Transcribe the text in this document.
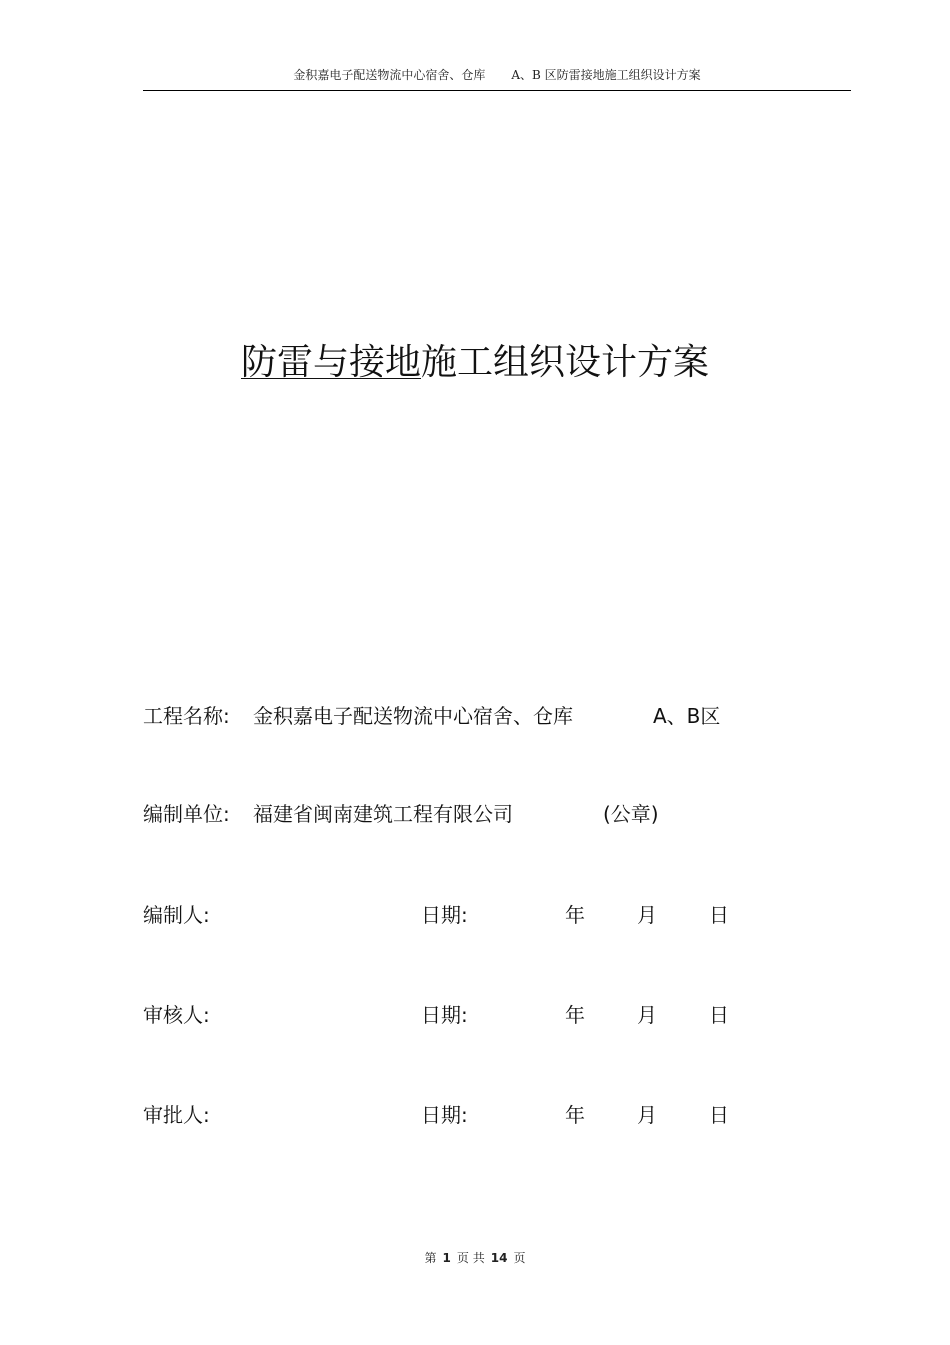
金积嘉电子配送物流中心宿舍、仓库 A、B 区防雷接地施工组织设计方案
防雷与接地施工组织设计方案
工程名称: 金积嘉电子配送物流中心宿舍、仓库	A、B区
编制单位: 福建省闽南建筑工程有限公司	(公章)
编制人:	日期:	年	月	日
审核人:	日期:	年	月	日
审批人:	日期:	年	月	日
第 1 页 共 14 页
